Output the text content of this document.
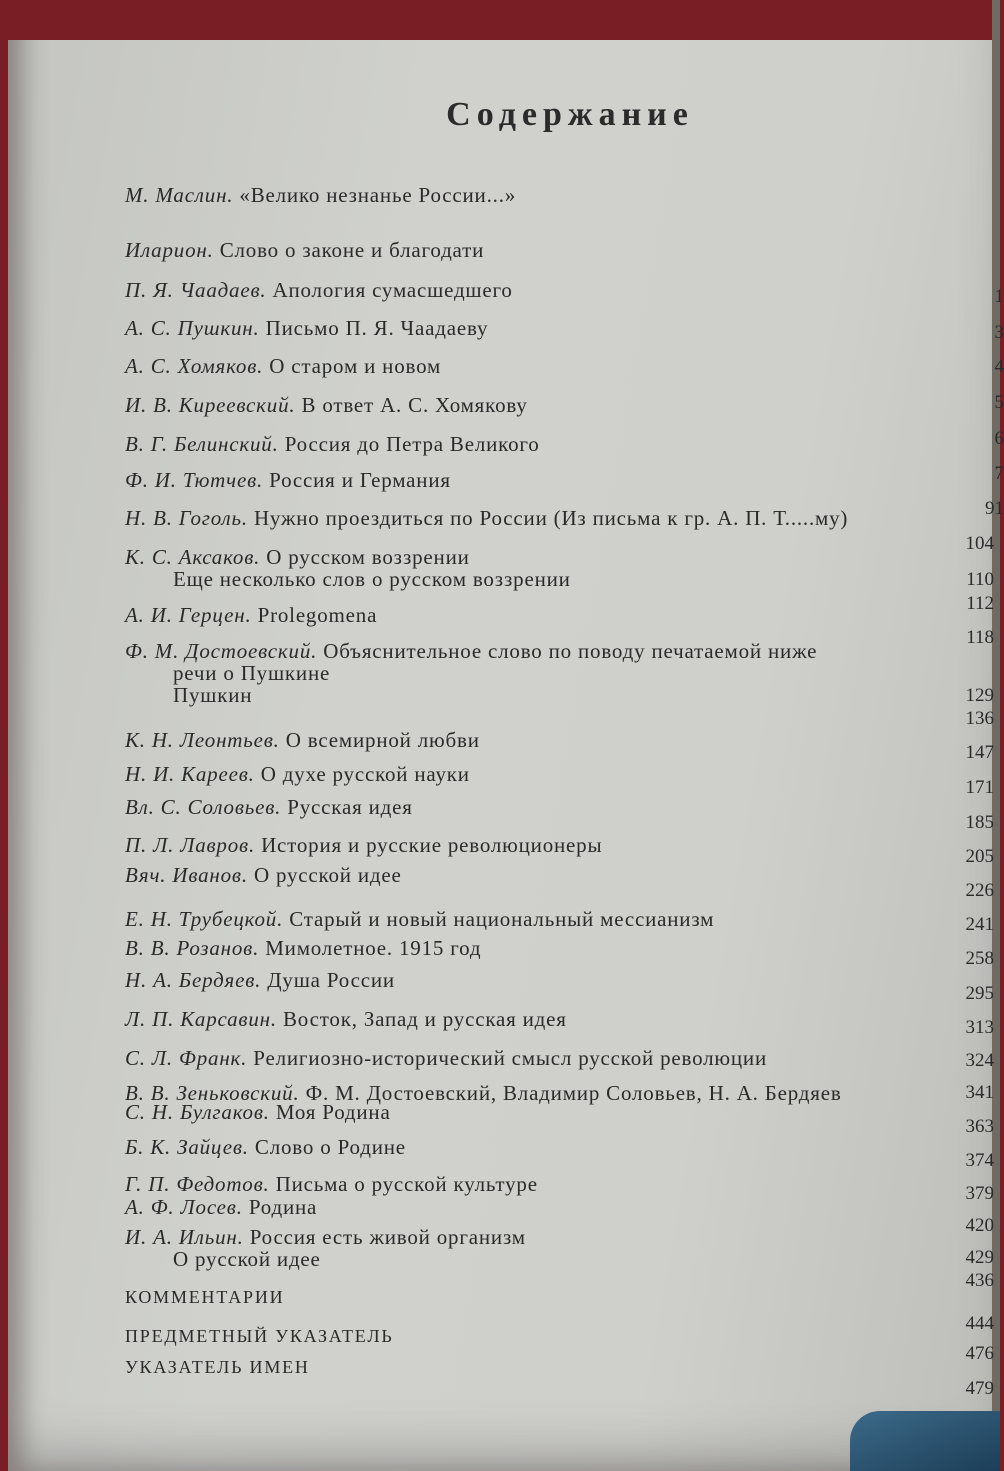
Содержание
М. Маслин. «Велико незнанье России...»
Иларион. Слово о законе и благодати
П. Я. Чаадаев. Апология сумасшедшего
А. С. Пушкин. Письмо П. Я. Чаадаеву
А. С. Хомяков. О старом и новом
И. В. Киреевский. В ответ А. С. Хомякову
В. Г. Белинский. Россия до Петра Великого
Ф. И. Тютчев. Россия и Германия
Н. В. Гоголь. Нужно проездиться по России (Из письма к гр. А. П. Т.....му)
К. С. Аксаков. О русском воззрении
Еще несколько слов о русском воззрении
А. И. Герцен. Prolegomena
Ф. М. Достоевский. Объяснительное слово по поводу печатаемой ниже
речи о Пушкине
Пушкин
К. Н. Леонтьев. О всемирной любви
Н. И. Кареев. О духе русской науки
Вл. С. Соловьев. Русская идея
П. Л. Лавров. История и русские революционеры
Вяч. Иванов. О русской идее
Е. Н. Трубецкой. Старый и новый национальный мессианизм
В. В. Розанов. Мимолетное. 1915 год
Н. А. Бердяев. Душа России
Л. П. Карсавин. Восток, Запад и русская идея
С. Л. Франк. Религиозно-исторический смысл русской революции
В. В. Зеньковский. Ф. М. Достоевский, Владимир Соловьев, Н. А. Бердяев
С. Н. Булгаков. Моя Родина
Б. К. Зайцев. Слово о Родине
Г. П. Федотов. Письма о русской культуре
А. Ф. Лосев. Родина
И. А. Ильин. Россия есть живой организм
О русской идее
КОММЕНТАРИИ
ПРЕДМЕТНЫЙ УКАЗАТЕЛЬ
УКАЗАТЕЛЬ ИМЕН
1
3
4
5
6
7
91
104
110
112
118
129
136
147
171
185
205
226
241
258
295
313
324
341
363
374
379
420
429
436
444
476
479
